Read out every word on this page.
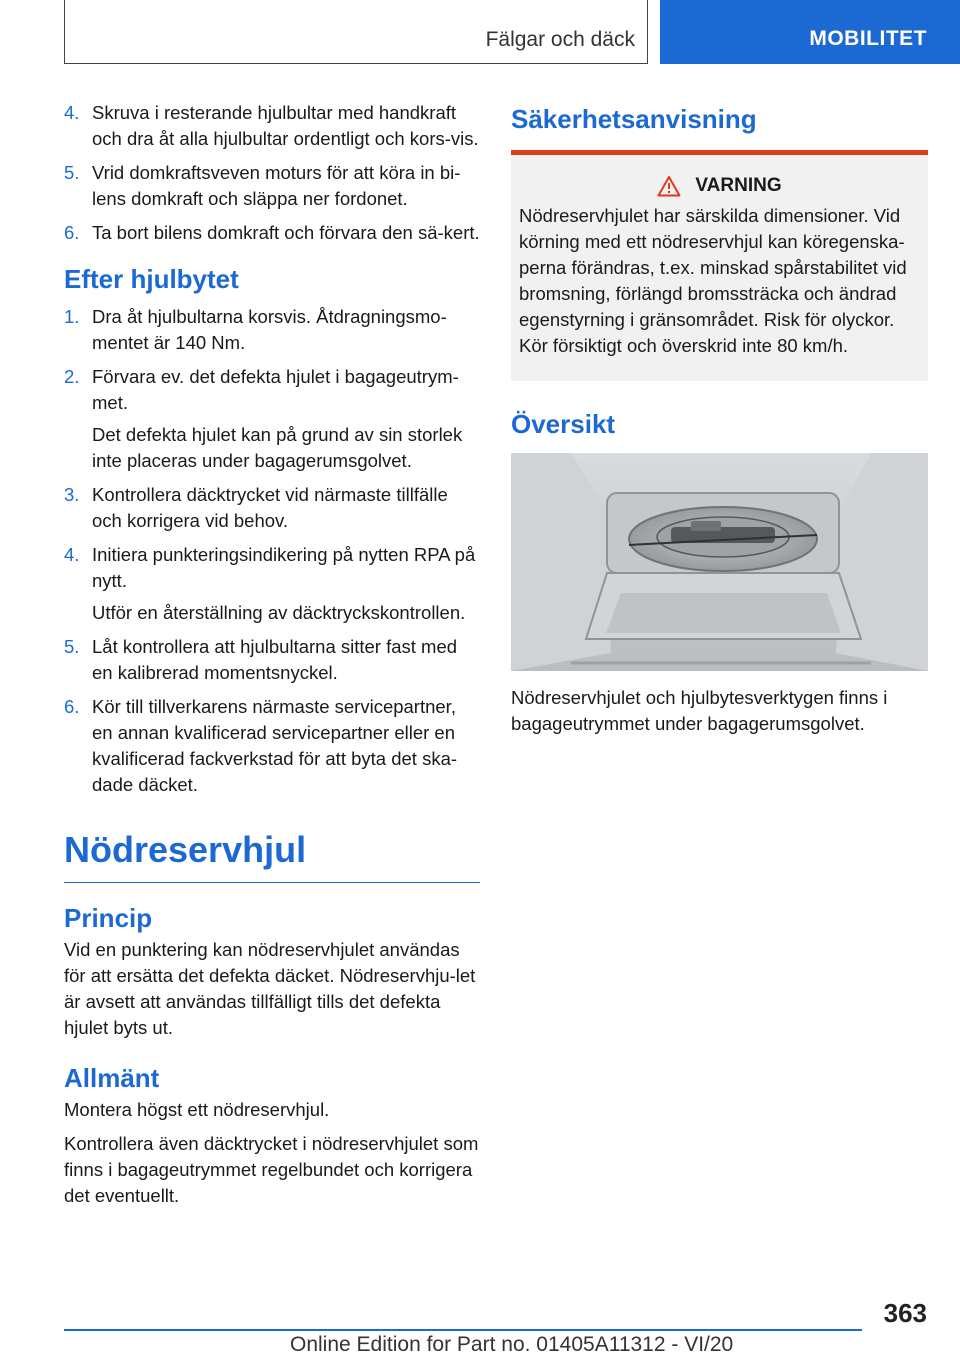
Fälgar och däck	MOBILITET
4. Skruva i resterande hjulbultar med handkraft och dra åt alla hjulbultar ordentligt och kors-vis.
5. Vrid domkraftsveven moturs för att köra in bi-lens domkraft och släppa ner fordonet.
6. Ta bort bilens domkraft och förvara den sä-kert.
Efter hjulbytet
1. Dra åt hjulbultarna korsvis. Åtdragningsmo-mentet är 140 Nm.
2. Förvara ev. det defekta hjulet i bagageutrym-met.
Det defekta hjulet kan på grund av sin storlek inte placeras under bagagerumsgolvet.
3. Kontrollera däcktrycket vid närmaste tillfälle och korrigera vid behov.
4. Initiera punkteringsindikering på nytten RPA på nytt.
Utför en återställning av däcktryckskontrollen.
5. Låt kontrollera att hjulbultarna sitter fast med en kalibrerad momentsnyckel.
6. Kör till tillverkarens närmaste servicepartner, en annan kvalificerad servicepartner eller en kvalificerad fackverkstad för att byta det ska-dade däcket.
Nödreservhjul
Princip

Vid en punktering kan nödreservhjulet användas för att ersätta det defekta däcket. Nödreservhju-let är avsett att användas tillfälligt tills det defekta hjulet byts ut.

Allmänt

Montera högst ett nödreservhjul.

Kontrollera även däcktrycket i nödreservhjulet som finns i bagageutrymmet regelbundet och korrigera det eventuellt.

Säkerhetsanvisning
VARNING
Nödreservhjulet har särskilda dimensioner. Vid körning med ett nödreservhjul kan köregenska-perna förändras, t.ex. minskad spårstabilitet vid bromsning, förlängd bromssträcka och ändrad egenstyrning i gränsområdet. Risk för olyckor. Kör försiktigt och överskrid inte 80 km/h.
Översikt

Nödreservhjulet och hjulbytesverktygen finns i bagageutrymmet under bagagerumsgolvet.

363
Online Edition for Part no. 01405A11312 - VI/20
